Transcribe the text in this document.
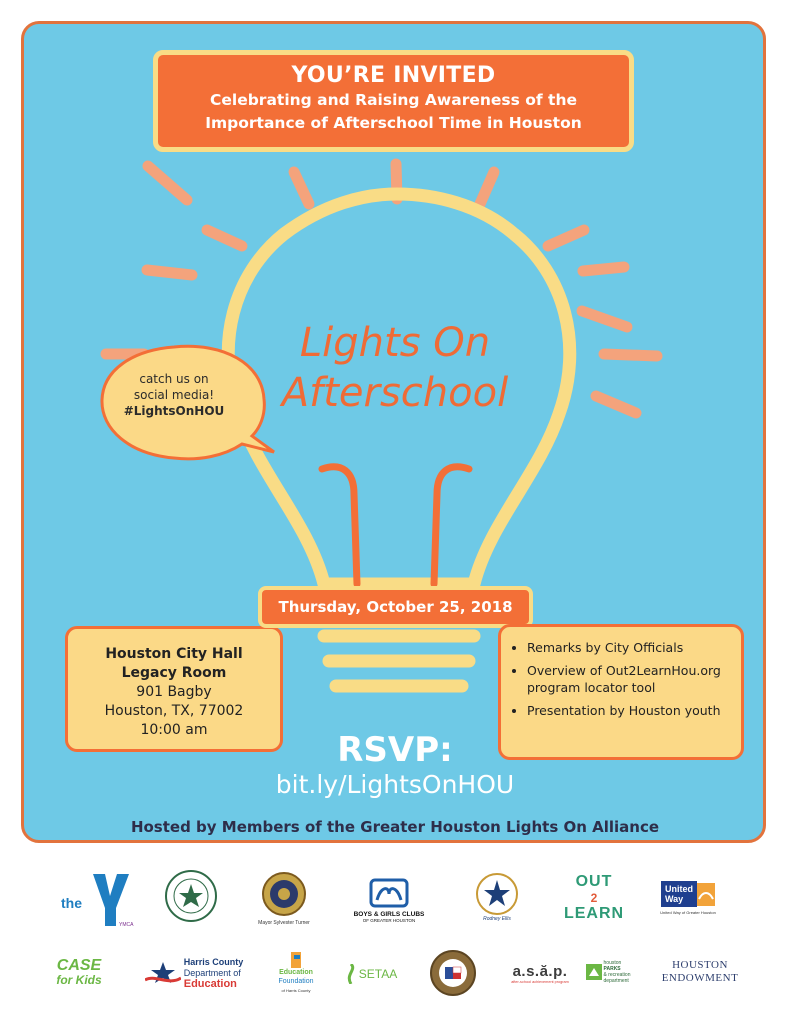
YOU’RE INVITED
Celebrating and Raising Awareness of the
Importance of Afterschool Time in Houston
Lights On
Afterschool
catch us on
social media!
#LightsOnHOU
Houston City Hall
Legacy Room
901 Bagby
Houston, TX, 77002
10:00 am
Thursday, October 25, 2018
• Remarks by City Officials
• Overview of Out2LearnHou.org program locator tool
• Presentation by Houston youth
RSVP:
bit.ly/LightsOnHOU
Hosted by Members of the Greater Houston Lights On Alliance
the
YMCA	Mayor Sylvester Turner
BOYS & GIRLS CLUBS
OF GREATER HOUSTON	Rodney Ellis
OUT
2
LEARN
United
Way
United Way of Greater Houston
CASE
for Kids
Harris County
Department of
Education
Education
Foundation
of Harris County
SETAA	a.s.ă.p.
after-school achievement program
houston
PARKS
& recreation
department
HOUSTON
ENDOWMENT
